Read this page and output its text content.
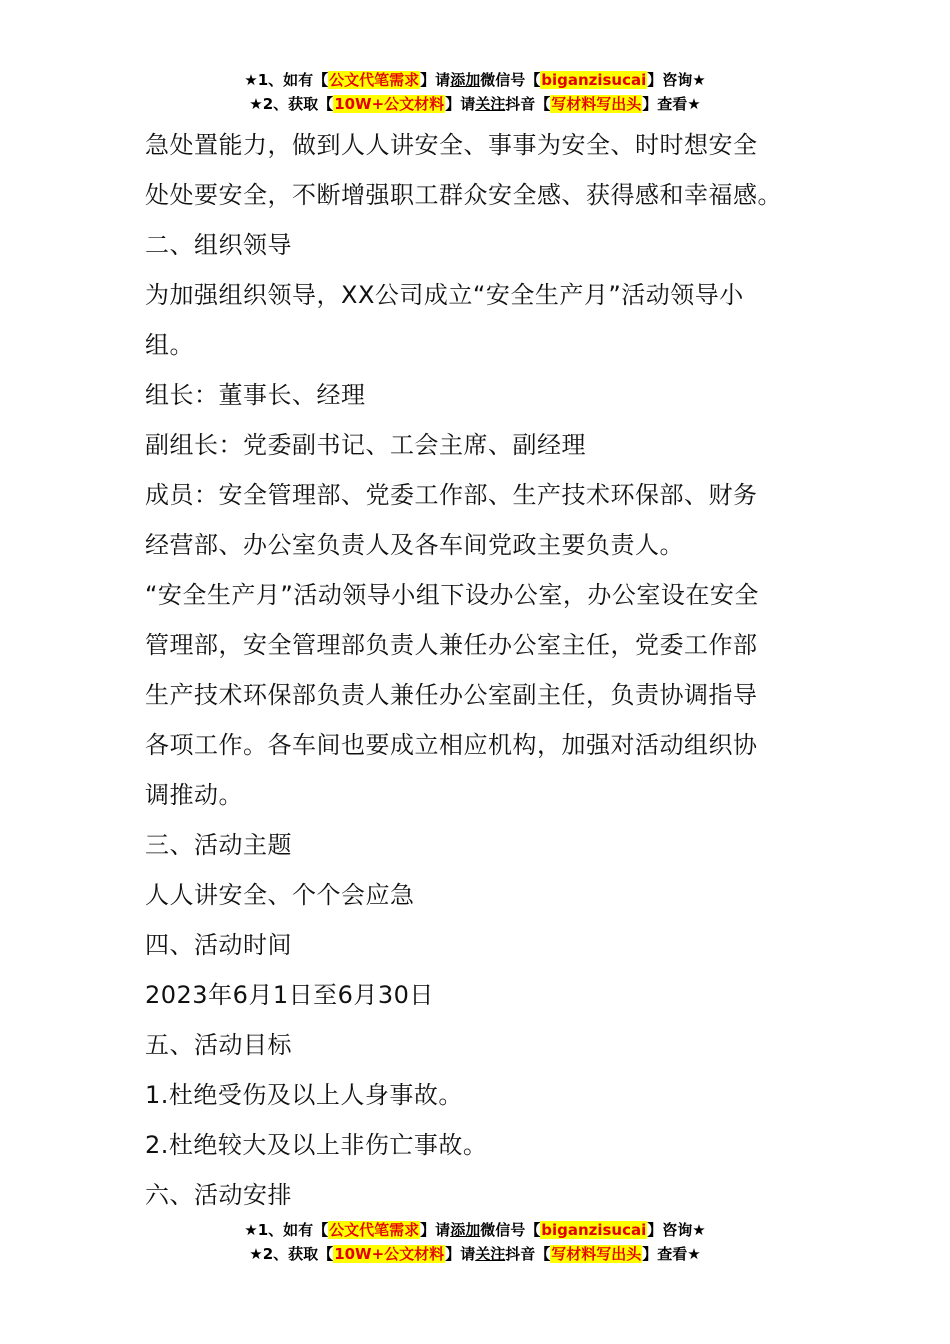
★1、如有【公文代笔需求】请添加微信号【biganzisucai】咨询★
★2、获取【10W+公文材料】请关注抖音【写材料写出头】查看★
急处置能力，做到人人讲安全、事事为安全、时时想安全
处处要安全，不断增强职工群众安全感、获得感和幸福感。
二、组织领导
为加强组织领导，XX公司成立“安全生产月”活动领导小
组。
组长：董事长、经理
副组长：党委副书记、工会主席、副经理
成员：安全管理部、党委工作部、生产技术环保部、财务
经营部、办公室负责人及各车间党政主要负责人。
“安全生产月”活动领导小组下设办公室，办公室设在安全
管理部，安全管理部负责人兼任办公室主任，党委工作部
生产技术环保部负责人兼任办公室副主任，负责协调指导
各项工作。各车间也要成立相应机构，加强对活动组织协
调推动。
三、活动主题
人人讲安全、个个会应急
四、活动时间
2023年6月1日至6月30日
五、活动目标
1.杜绝受伤及以上人身事故。
2.杜绝较大及以上非伤亡事故。
六、活动安排
★1、如有【公文代笔需求】请添加微信号【biganzisucai】咨询★
★2、获取【10W+公文材料】请关注抖音【写材料写出头】查看★
